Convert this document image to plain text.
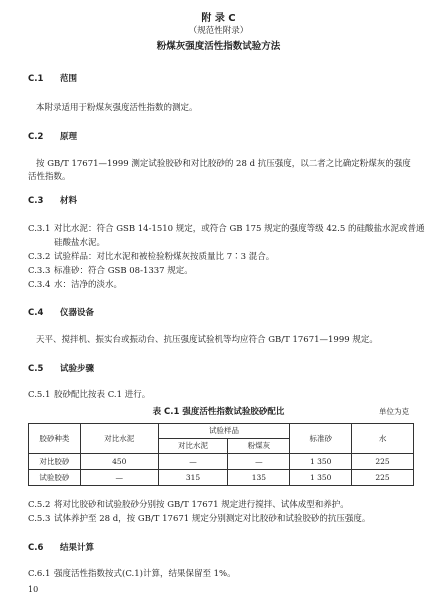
附 录 C
（规范性附录）
粉煤灰强度活性指数试验方法
C.1 范围
本附录适用于粉煤灰强度活性指数的测定。
C.2 原理
按 GB/T 17671—1999 测定试验胶砂和对比胶砂的 28 d 抗压强度，以二者之比确定粉煤灰的强度
活性指数。
C.3 材料
C.3.1 对比水泥：符合 GSB 14-1510 规定，或符合 GB 175 规定的强度等级 42.5 的硅酸盐水泥或普通
硅酸盐水泥。
C.3.2 试验样品：对比水泥和被检验粉煤灰按质量比 7∶3 混合。
C.3.3 标准砂：符合 GSB 08-1337 规定。
C.3.4 水：洁净的淡水。
C.4 仪器设备
天平、搅拌机、振实台或振动台、抗压强度试验机等均应符合 GB/T 17671—1999 规定。
C.5 试验步骤
C.5.1 胶砂配比按表 C.1 进行。
表 C.1 强度活性指数试验胶砂配比	单位为克
胶砂种类	对比水泥	试验样品		标准砂	水
		对比水泥	粉煤灰		
对比胶砂	450	—	—	1 350	225
试验胶砂	—	315	135	1 350	225
C.5.2 将对比胶砂和试验胶砂分别按 GB/T 17671 规定进行搅拌、试体成型和养护。
C.5.3 试体养护至 28 d，按 GB/T 17671 规定分别测定对比胶砂和试验胶砂的抗压强度。
C.6 结果计算
C.6.1 强度活性指数按式(C.1)计算，结果保留至 1%。
10
